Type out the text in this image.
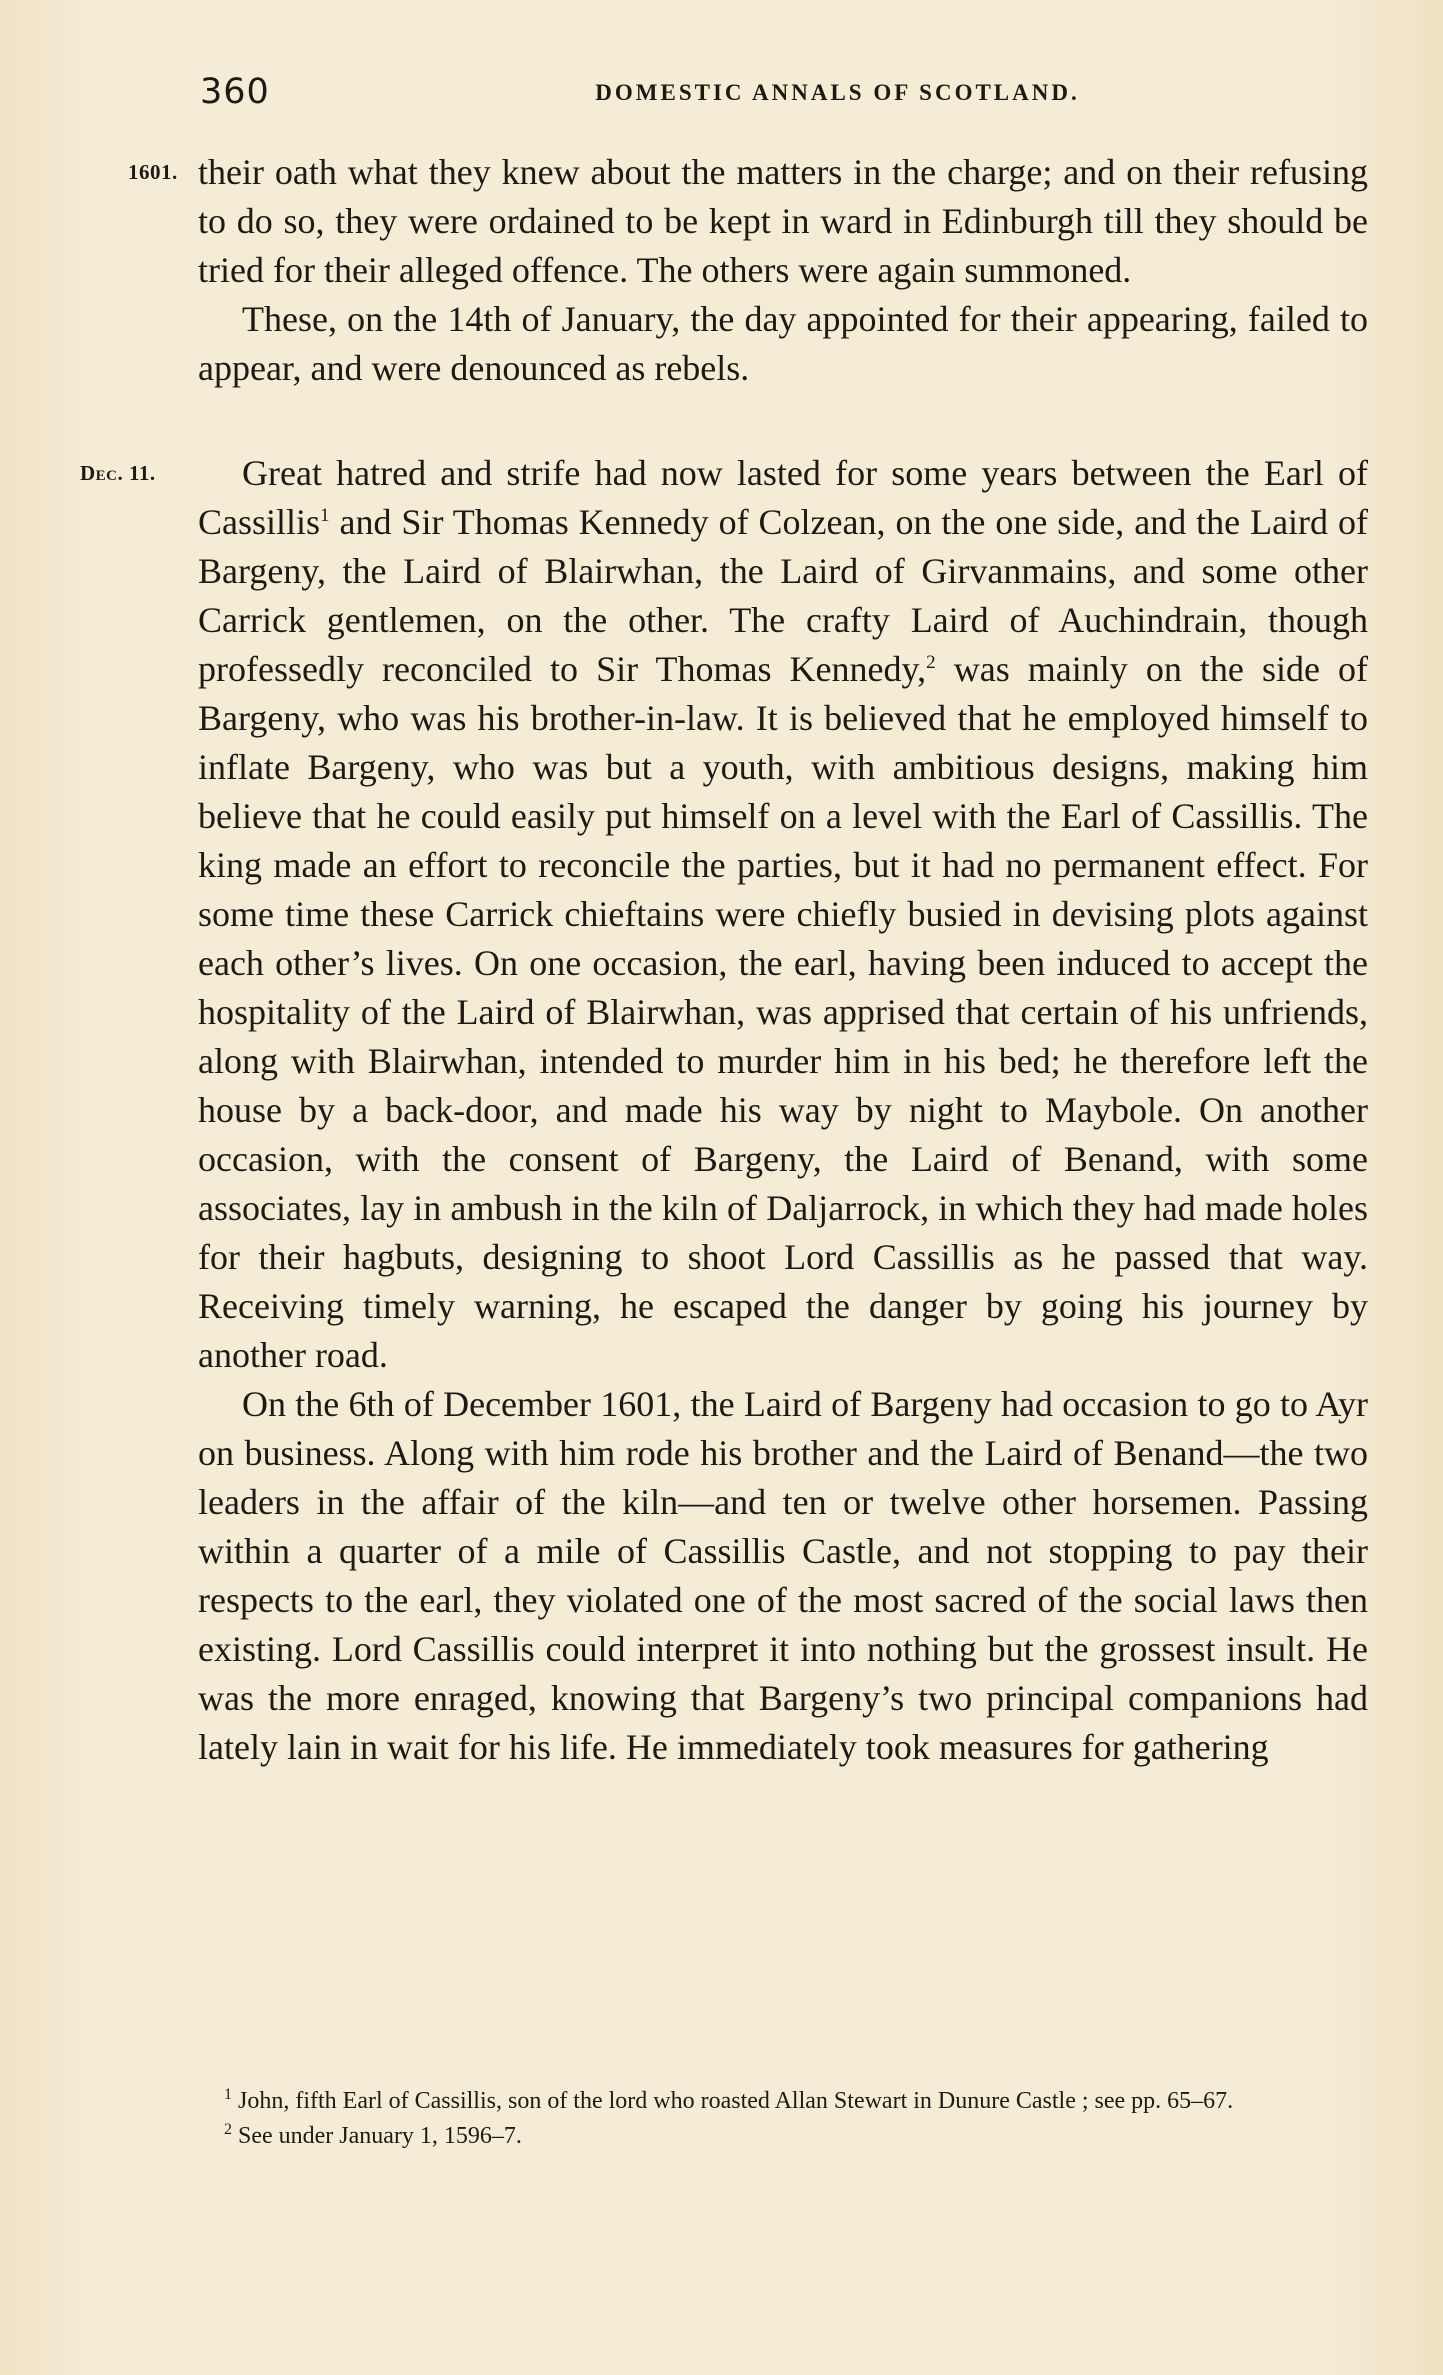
360	DOMESTIC ANNALS OF SCOTLAND.

1601. their oath what they knew about the matters in the charge; and on their refusing to do so, they were ordained to be kept in ward in Edinburgh till they should be tried for their alleged offence. The others were again summoned.

These, on the 14th of January, the day appointed for their appearing, failed to appear, and were denounced as rebels.

Dec. 11.	Great hatred and strife had now lasted for some years between the Earl of Cassillis$^1$ and Sir Thomas Kennedy of Colzean, on the one side, and the Laird of Bargeny, the Laird of Blairwhan, the Laird of Girvanmains, and some other Carrick gentlemen, on the other. The crafty Laird of Auchindrain, though professedly reconciled to Sir Thomas Kennedy,$^2$ was mainly on the side of Bargeny, who was his brother-in-law. It is believed that he employed himself to inflate Bargeny, who was but a youth, with ambitious designs, making him believe that he could easily put himself on a level with the Earl of Cassillis. The king made an effort to reconcile the parties, but it had no permanent effect. For some time these Carrick chieftains were chiefly busied in devising plots against each other’s lives. On one occasion, the earl, having been induced to accept the hospitality of the Laird of Blairwhan, was apprised that certain of his unfriends, along with Blairwhan, intended to murder him in his bed; he therefore left the house by a back-door, and made his way by night to Maybole. On another occasion, with the consent of Bargeny, the Laird of Benand, with some associates, lay in ambush in the kiln of Daljarrock, in which they had made holes for their hagbuts, designing to shoot Lord Cassillis as he passed that way. Receiving timely warning, he escaped the danger by going his journey by another road.

On the 6th of December 1601, the Laird of Bargeny had occasion to go to Ayr on business. Along with him rode his brother and the Laird of Benand—the two leaders in the affair of the kiln—and ten or twelve other horsemen. Passing within a quarter of a mile of Cassillis Castle, and not stopping to pay their respects to the earl, they violated one of the most sacred of the social laws then existing. Lord Cassillis could interpret it into nothing but the grossest insult. He was the more enraged, knowing that Bargeny’s two principal companions had lately lain in wait for his life. He immediately took measures for gathering

$^1$ John, fifth Earl of Cassillis, son of the lord who roasted Allan Stewart in Dunure Castle ; see pp. 65–67.

$^2$ See under January 1, 1596–7.
